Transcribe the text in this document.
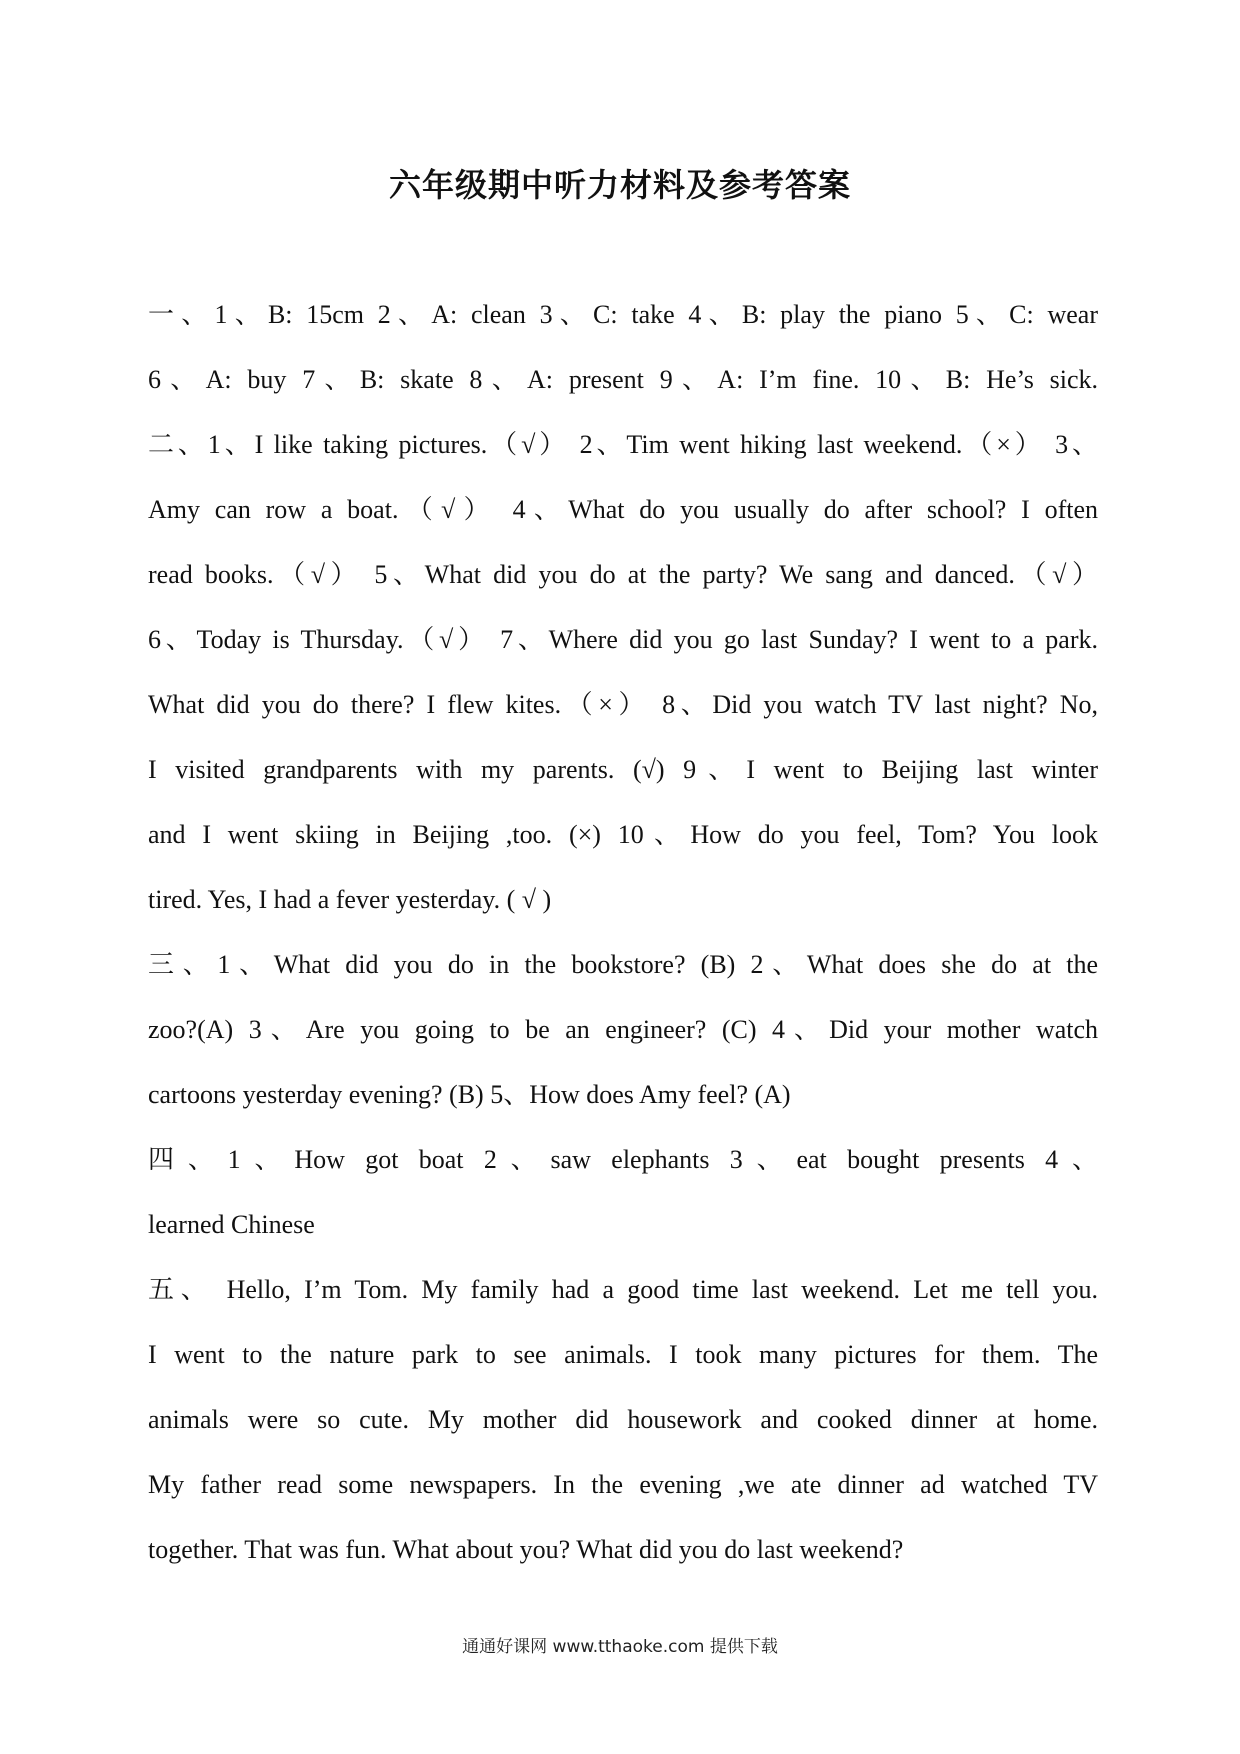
六年级期中听力材料及参考答案
一、1、B: 15cm 2、A: clean 3、C: take 4、B: play the piano 5、C: wear
6、A: buy 7、B: skate 8、A: present 9、A: I’m fine. 10、B: He’s sick.
二、1、I like taking pictures.（√） 2、Tim went hiking last weekend.（×） 3、
Amy can row a boat.（√） 4、What do you usually do after school? I often
read books.（√） 5、What did you do at the party? We sang and danced.（√）
6、Today is Thursday.（√） 7、Where did you go last Sunday? I went to a park.
What did you do there? I flew kites.（×） 8、Did you watch TV last night? No,
I visited grandparents with my parents. (√) 9、I went to Beijing last winter
and I went skiing in Beijing ,too. (×) 10、How do you feel, Tom? You look
tired. Yes, I had a fever yesterday. ( √ )
三、1、What did you do in the bookstore? (B) 2、What does she do at the
zoo?(A) 3、Are you going to be an engineer? (C) 4、Did your mother watch
cartoons yesterday evening? (B) 5、How does Amy feel? (A)
四、1、How got boat 2、saw elephants 3、eat bought presents 4、
learned Chinese
五、 Hello, I’m Tom. My family had a good time last weekend. Let me tell you.
I went to the nature park to see animals. I took many pictures for them. The
animals were so cute. My mother did housework and cooked dinner at home.
My father read some newspapers. In the evening ,we ate dinner ad watched TV
together. That was fun. What about you? What did you do last weekend?
通通好课网 www.tthaoke.com 提供下载
